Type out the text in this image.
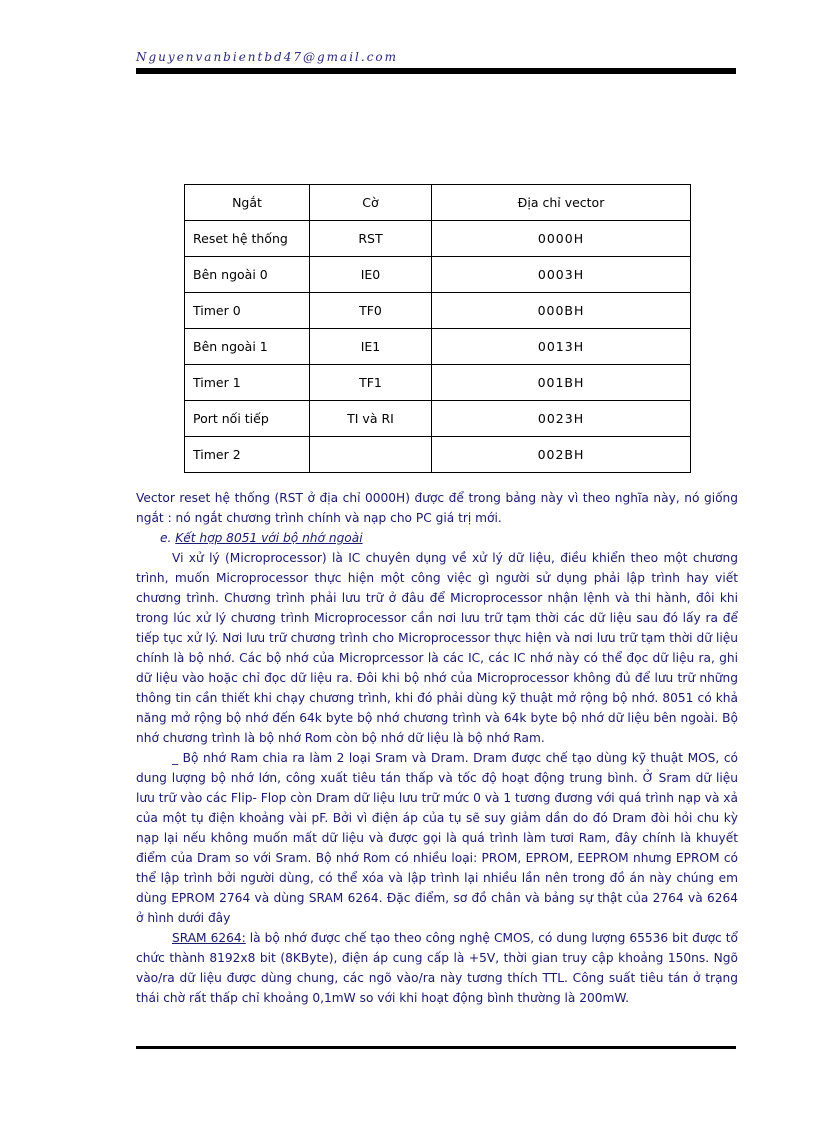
Nguyenvanbientbd47@gmail.com
Ngắt	Cờ	Địa chỉ vector
Reset hệ thống	RST	0000H
Bên ngoài 0	IE0	0003H
Timer 0	TF0	000BH
Bên ngoài 1	IE1	0013H
Timer 1	TF1	001BH
Port nối tiếp	TI và RI	0023H
Timer 2		002BH

Vector reset hệ thống (RST ở địa chỉ 0000H) được để trong bảng này vì theo nghĩa này, nó giống ngắt : nó ngắt chương trình chính và nạp cho PC giá trị mới.

e. Kết hợp 8051 với bộ nhớ ngoài

Vi xử lý (Microprocessor) là IC chuyên dụng về xử lý dữ liệu, điều khiển theo một chương trình, muốn Microprocessor thực hiện một công việc gì người sử dụng phải lập trình hay viết chương trình. Chương trình phải lưu trữ ở đâu để Microprocessor nhận lệnh và thi hành, đôi khi trong lúc xử lý chương trình Microprocessor cần nơi lưu trữ tạm thời các dữ liệu sau đó lấy ra để tiếp tục xử lý. Nơi lưu trữ chương trình cho Microprocessor thực hiện và nơi lưu trữ tạm thời dữ liệu chính là bộ nhớ. Các bộ nhớ của Microprcessor là các IC, các IC nhớ này có thể đọc dữ liệu ra, ghi dữ liệu vào hoặc chỉ đọc dữ liệu ra. Đôi khi bộ nhớ của Microprocessor không đủ để lưu trữ những thông tin cần thiết khi chạy chương trình, khi đó phải dùng kỹ thuật mở rộng bộ nhớ. 8051 có khả năng mở rộng bộ nhớ đến 64k byte bộ nhớ chương trình và 64k byte bộ nhớ dữ liệu bên ngoài. Bộ nhớ chương trình là bộ nhớ Rom còn bộ nhớ dữ liệu là bộ nhớ Ram.

_ Bộ nhớ Ram chia ra làm 2 loại Sram và Dram. Dram được chế tạo dùng kỹ thuật MOS, có dung lượng bộ nhớ lớn, công xuất tiêu tán thấp và tốc độ hoạt động trung bình. Ở Sram dữ liệu lưu trữ vào các Flip- Flop còn Dram dữ liệu lưu trữ mức 0 và 1 tương đương với quá trình nạp và xả của một tụ điện khoảng vài pF. Bởi vì điện áp của tụ sẽ suy giảm dần do đó Dram đòi hỏi chu kỳ nạp lại nếu không muốn mất dữ liệu và được gọi là quá trình làm tươi Ram, đây chính là khuyết điểm của Dram so với Sram. Bộ nhớ Rom có nhiều loại: PROM, EPROM, EEPROM nhưng EPROM có thể lập trình bởi người dùng, có thể xóa và lập trình lại nhiều lần nên trong đồ án này chúng em dùng EPROM 2764 và dùng SRAM 6264. Đặc điểm, sơ đồ chân và bảng sự thật của 2764 và 6264 ở hình dưới đây

SRAM 6264: là bộ nhớ được chế tạo theo công nghệ CMOS, có dung lượng 65536 bit được tổ chức thành 8192x8 bit (8KByte), điện áp cung cấp là +5V, thời gian truy cập khoảng 150ns. Ngõ vào/ra dữ liệu được dùng chung, các ngõ vào/ra này tương thích TTL. Công suất tiêu tán ở trạng thái chờ rất thấp chỉ khoảng 0,1mW so với khi hoạt động bình thường là 200mW.
